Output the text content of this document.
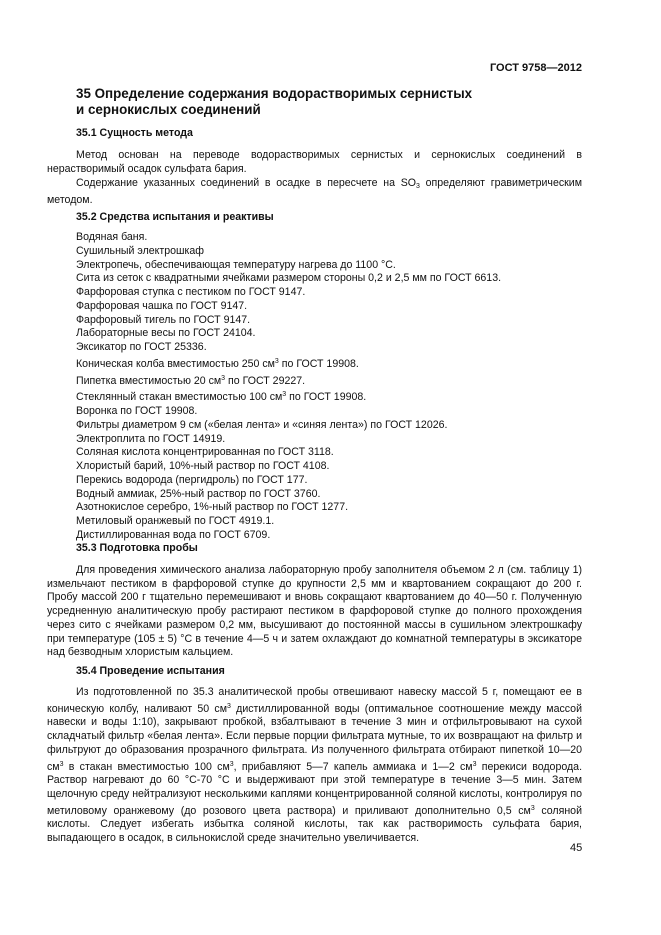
ГОСТ 9758—2012
35 Определение содержания водорастворимых сернистых
и сернокислых соединений
35.1 Сущность метода

Метод основан на переводе водорастворимых сернистых и сернокислых соединений в нерастворимый осадок сульфата бария.

Содержание указанных соединений в осадке в пересчете на $SO_3$ определяют гравиметрическим методом.

35.2 Средства испытания и реактивы
Водяная баня.
Сушильный электрошкаф
Электропечь, обеспечивающая температуру нагрева до 1100 °С.
Сита из сеток с квадратными ячейками размером стороны 0,2 и 2,5 мм по ГОСТ 6613.
Фарфоровая ступка с пестиком по ГОСТ 9147.
Фарфоровая чашка по ГОСТ 9147.
Фарфоровый тигель по ГОСТ 9147.
Лабораторные весы по ГОСТ 24104.
Эксикатор по ГОСТ 25336.
Коническая колба вместимостью 250 $см^3$ по ГОСТ 19908.
Пипетка вместимостью 20 $см^3$ по ГОСТ 29227.
Стеклянный стакан вместимостью 100 $см^3$ по ГОСТ 19908.
Воронка по ГОСТ 19908.
Фильтры диаметром 9 см («белая лента» и «синяя лента») по ГОСТ 12026.
Электроплита по ГОСТ 14919.
Соляная кислота концентрированная по ГОСТ 3118.
Хлористый барий, 10%-ный раствор по ГОСТ 4108.
Перекись водорода (пергидроль) по ГОСТ 177.
Водный аммиак, 25%-ный раствор по ГОСТ 3760.
Азотнокислое серебро, 1%-ный раствор по ГОСТ 1277.
Метиловый оранжевый по ГОСТ 4919.1.
Дистиллированная вода по ГОСТ 6709.
35.3 Подготовка пробы

Для проведения химического анализа лабораторную пробу заполнителя объемом 2 л (см. таблицу 1) измельчают пестиком в фарфоровой ступке до крупности 2,5 мм и квартованием сокращают до 200 г. Пробу массой 200 г тщательно перемешивают и вновь сокращают квартованием до 40—50 г. Полученную усредненную аналитическую пробу растирают пестиком в фарфоровой ступке до полного прохождения через сито с ячейками размером 0,2 мм, высушивают до постоянной массы в сушильном электрошкафу при температуре (105 ± 5) °С в течение 4—5 ч и затем охлаждают до комнатной температуры в эксикаторе над безводным хлористым кальцием.

35.4 Проведение испытания

Из подготовленной по 35.3 аналитической пробы отвешивают навеску массой 5 г, помещают ее в коническую колбу, наливают 50 $см^3$ дистиллированной воды (оптимальное соотношение между массой навески и воды 1:10), закрывают пробкой, взбалтывают в течение 3 мин и отфильтровывают на сухой складчатый фильтр «белая лента». Если первые порции фильтрата мутные, то их возвращают на фильтр и фильтруют до образования прозрачного фильтрата. Из полученного фильтрата отбирают пипеткой 10—20 $см^3$ в стакан вместимостью 100 $см^3$, прибавляют 5—7 капель аммиака и 1—2 $см^3$ перекиси водорода. Раствор нагревают до 60 °С-70 °С и выдерживают при этой температуре в течение 3—5 мин. Затем щелочную среду нейтрализуют несколькими каплями концентрированной соляной кислоты, контролируя по метиловому оранжевому (до розового цвета раствора) и приливают дополнительно 0,5 $см^3$ соляной кислоты. Следует избегать избытка соляной кислоты, так как растворимость сульфата бария, выпадающего в осадок, в сильнокислой среде значительно увеличивается.

45
